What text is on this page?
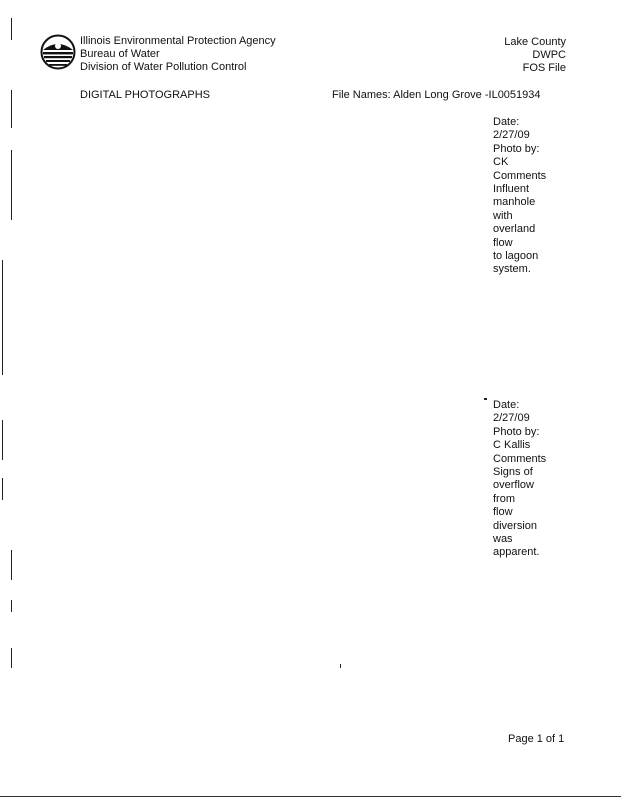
Illinois Environmental Protection Agency
Bureau of Water
Division of Water Pollution Control
Lake County
DWPC
FOS File
DIGITAL PHOTOGRAPHS	File Names: Alden Long Grove -IL0051934
Date:
2/27/09
Photo by:
CK
Comments
Influent
manhole
with
overland
flow
to lagoon
system.
Date:
2/27/09
Photo by:
C Kallis
Comments
Signs of
overflow
from
flow
diversion
was
apparent.
Page 1 of 1
